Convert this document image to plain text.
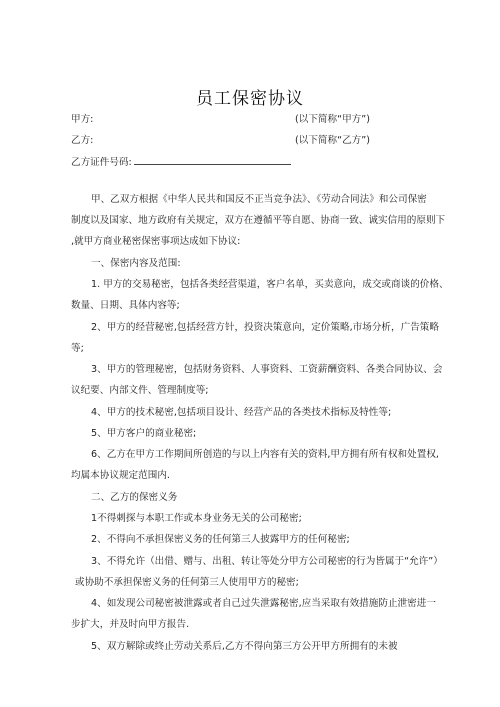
员工保密协议
甲方:	(以下简称“甲方”)
乙方:	(以下简称“乙方”)
乙方证件号码:
甲、乙双方根据《中华人民共和国反不正当竞争法》、《劳动合同法》和公司保密
制度以及国家、地方政府有关规定，双方在遵循平等自愿、协商一致、诚实信用的原则下
,就甲方商业秘密保密事项达成如下协议:
一、保密内容及范围:
1. 甲方的交易秘密，包括各类经营渠道，客户名单，买卖意向，成交或商谈的价格、
数量、日期、具体内容等;
2、甲方的经营秘密,包括经营方针，投资决策意向，定价策略,市场分析，广告策略
等;
3、甲方的管理秘密，包括财务资料、人事资料、工资薪酬资料、各类合同协议、会
议纪要、内部文件、管理制度等;
4、甲方的技术秘密,包括项目设计、经营产品的各类技术指标及特性等;
5、甲方客户的商业秘密;
6、乙方在甲方工作期间所创造的与以上内容有关的资料,甲方拥有所有权和处置权,
均属本协议规定范围内.
二、乙方的保密义务
1不得刺探与本职工作或本身业务无关的公司秘密;
2、不得向不承担保密义务的任何第三人披露甲方的任何秘密;
3、不得允许（出借、赠与、出租、转让等处分甲方公司秘密的行为皆属于“允许”）
或协助不承担保密义务的任何第三人使用甲方的秘密;
4、如发现公司秘密被泄露或者自己过失泄露秘密,应当采取有效措施防止泄密进一
步扩大，并及时向甲方报告.
5、双方解除或终止劳动关系后,乙方不得向第三方公开甲方所拥有的未被
